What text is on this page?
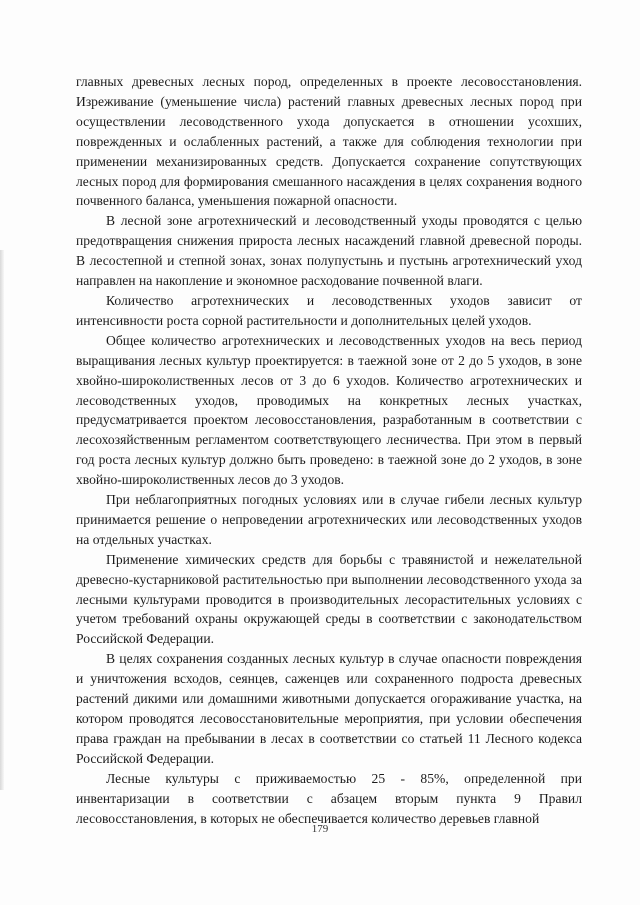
главных древесных лесных пород, определенных в проекте лесовосстановления. Изреживание (уменьшение числа) растений главных древесных лесных пород при осуществлении лесоводственного ухода допускается в отношении усохших, поврежденных и ослабленных растений, а также для соблюдения технологии при применении механизированных средств. Допускается сохранение сопутствующих лесных пород для формирования смешанного насаждения в целях сохранения водного почвенного баланса, уменьшения пожарной опасности.

В лесной зоне агротехнический и лесоводственный уходы проводятся с целью предотвращения снижения прироста лесных насаждений главной древесной породы. В лесостепной и степной зонах, зонах полупустынь и пустынь агротехнический уход направлен на накопление и экономное расходование почвенной влаги.

Количество агротехнических и лесоводственных уходов зависит от интенсивности роста сорной растительности и дополнительных целей уходов.

Общее количество агротехнических и лесоводственных уходов на весь период выращивания лесных культур проектируется: в таежной зоне от 2 до 5 уходов, в зоне хвойно-широколиственных лесов от 3 до 6 уходов. Количество агротехнических и лесоводственных уходов, проводимых на конкретных лесных участках, предусматривается проектом лесовосстановления, разработанным в соответствии с лесохозяйственным регламентом соответствующего лесничества. При этом в первый год роста лесных культур должно быть проведено: в таежной зоне до 2 уходов, в зоне хвойно-широколиственных лесов до 3 уходов.

При неблагоприятных погодных условиях или в случае гибели лесных культур принимается решение о непроведении агротехнических или лесоводственных уходов на отдельных участках.

Применение химических средств для борьбы с травянистой и нежелательной древесно-кустарниковой растительностью при выполнении лесоводственного ухода за лесными культурами проводится в производительных лесорастительных условиях с учетом требований охраны окружающей среды в соответствии с законодательством Российской Федерации.

В целях сохранения созданных лесных культур в случае опасности повреждения и уничтожения всходов, сеянцев, саженцев или сохраненного подроста древесных растений дикими или домашними животными допускается огораживание участка, на котором проводятся лесовосстановительные мероприятия, при условии обеспечения права граждан на пребывании в лесах в соответствии со статьей 11 Лесного кодекса Российской Федерации.

Лесные культуры с приживаемостью 25 - 85%, определенной при инвентаризации в соответствии с абзацем вторым пункта 9 Правил лесовосстановления, в которых не обеспечивается количество деревьев главной

179
